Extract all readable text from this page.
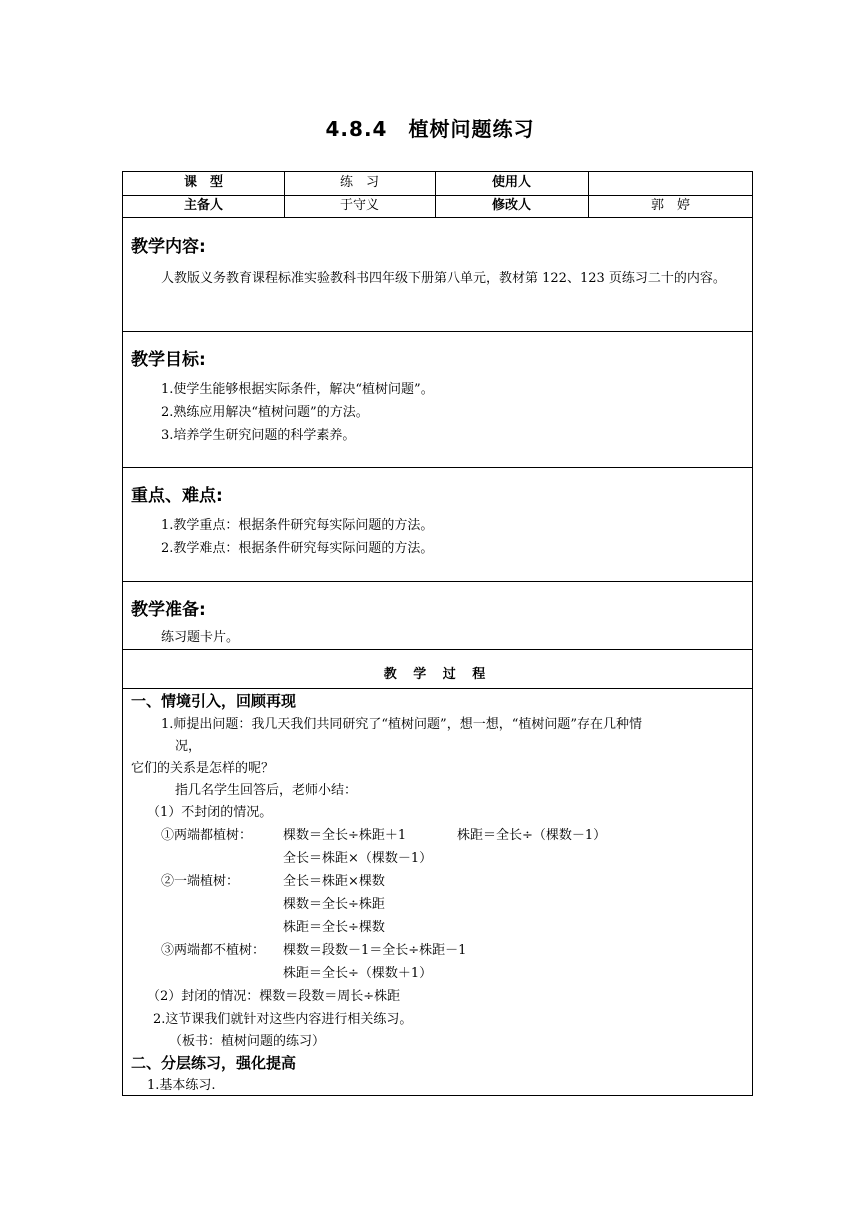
4.8.4　植树问题练习
课　型	练　习	使用人
主备人	于守义	修改人	郭　婷
教学内容:
人教版义务教育课程标准实验教科书四年级下册第八单元，教材第 122、123 页练习二十的内容。
教学目标:
1.使学生能够根据实际条件，解决“植树问题”。
2.熟练应用解决“植树问题”的方法。
3.培养学生研究问题的科学素养。
重点、难点:
1.教学重点：根据条件研究每实际问题的方法。
2.教学难点：根据条件研究每实际问题的方法。
教学准备:
练习题卡片。
教 学 过 程
一、情境引入，回顾再现
1.师提出问题：我几天我们共同研究了“植树问题”，想一想，“植树问题”存在几种情
况，
它们的关系是怎样的呢？
指几名学生回答后，老师小结：
（1）不封闭的情况。
①两端都植树： 棵数＝全长÷株距＋1	株距＝全长÷（棵数－1）
全长＝株距×（棵数－1）
②一端植树：	全长＝株距×棵数
棵数＝全长÷株距
株距＝全长÷棵数
③两端都不植树： 棵数＝段数－1＝全长÷株距－1
株距＝全长÷（棵数＋1）
（2）封闭的情况：棵数＝段数＝周长÷株距
2.这节课我们就针对这些内容进行相关练习。
（板书：植树问题的练习）
二、分层练习，强化提高
1.基本练习.
